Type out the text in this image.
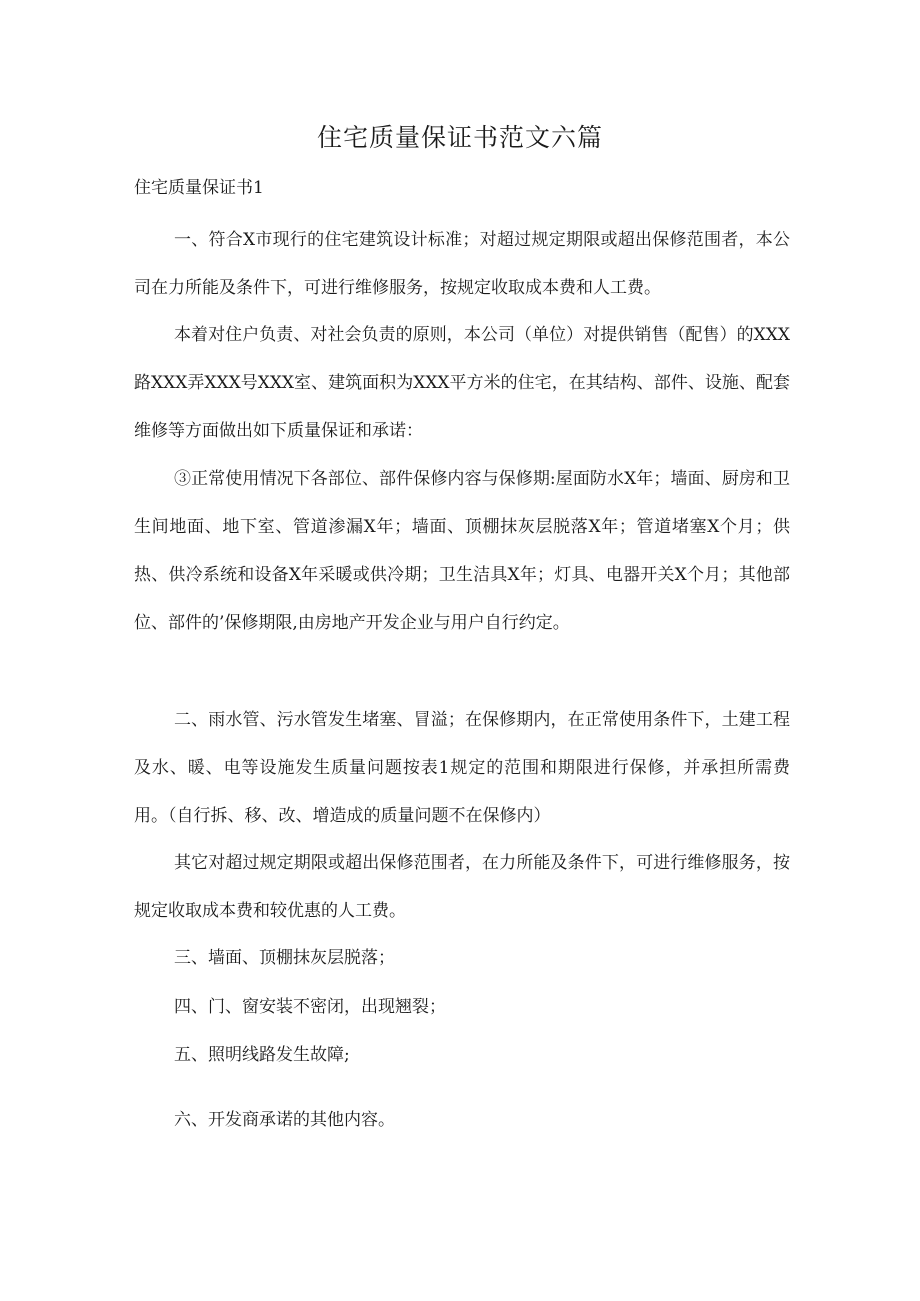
住宅质量保证书范文六篇

住宅质量保证书1

一、符合X市现行的住宅建筑设计标准；对超过规定期限或超出保修范围者，本公司在力所能及条件下，可进行维修服务，按规定收取成本费和人工费。

本着对住户负责、对社会负责的原则，本公司（单位）对提供销售（配售）的XXX路XXX弄XXX号XXX室、建筑面积为XXX平方米的住宅，在其结构、部件、设施、配套维修等方面做出如下质量保证和承诺：

③正常使用情况下各部位、部件保修内容与保修期:屋面防水X年；墙面、厨房和卫生间地面、地下室、管道渗漏X年；墙面、顶棚抹灰层脱落X年；管道堵塞X个月；供热、供冷系统和设备X年采暖或供冷期；卫生洁具X年；灯具、电器开关X个月；其他部位、部件的’保修期限,由房地产开发企业与用户自行约定。

二、雨水管、污水管发生堵塞、冒溢；在保修期内，在正常使用条件下，土建工程及水、暖、电等设施发生质量问题按表1规定的范围和期限进行保修，并承担所需费用。（自行拆、移、改、增造成的质量问题不在保修内）

其它对超过规定期限或超出保修范围者，在力所能及条件下，可进行维修服务，按规定收取成本费和较优惠的人工费。

三、墙面、顶棚抹灰层脱落；

四、门、窗安装不密闭，出现翘裂；

五、照明线路发生故障;

六、开发商承诺的其他内容。
